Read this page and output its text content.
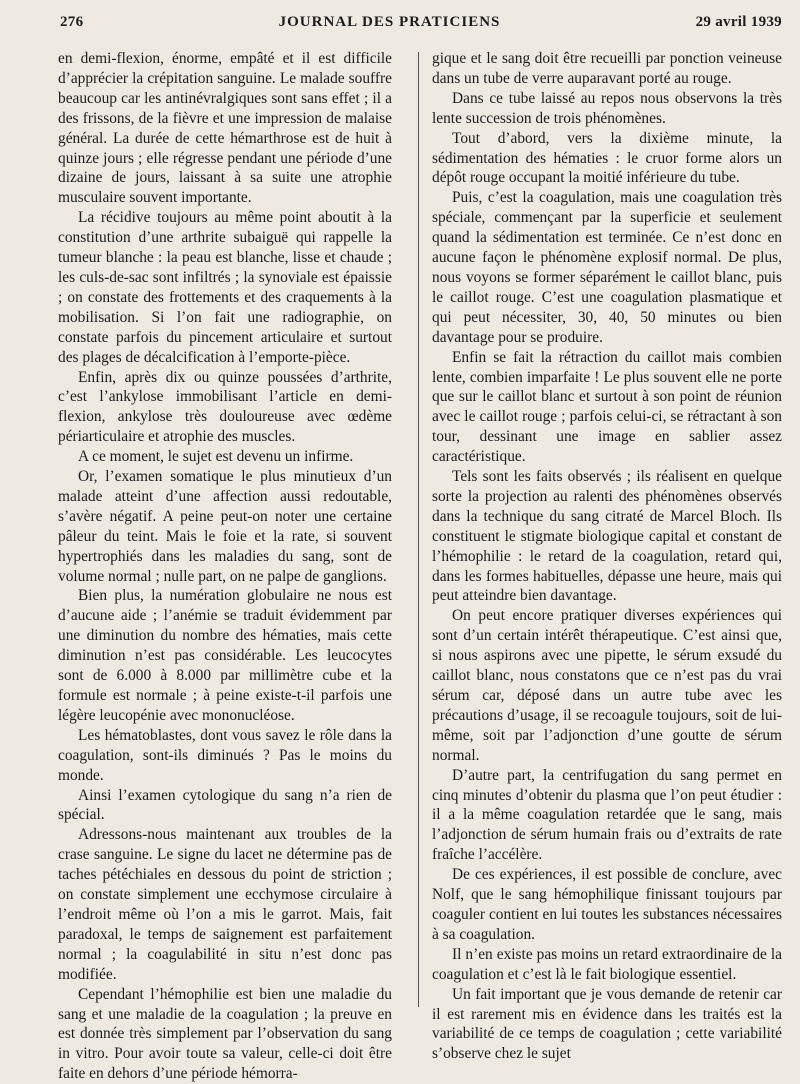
276	JOURNAL DES PRATICIENS	29 avril 1939

en demi-flexion, énorme, empâté et il est difficile d’apprécier la crépitation sanguine. Le malade souffre beaucoup car les antinévralgiques sont sans effet ; il a des frissons, de la fièvre et une impression de malaise général. La durée de cette hémarthrose est de huit à quinze jours ; elle régresse pendant une période d’une dizaine de jours, laissant à sa suite une atrophie musculaire souvent importante.

La récidive toujours au même point aboutit à la constitution d’une arthrite subaiguë qui rappelle la tumeur blanche : la peau est blanche, lisse et chaude ; les culs-de-sac sont infiltrés ; la synoviale est épaissie ; on constate des frottements et des craquements à la mobilisation. Si l’on fait une radiographie, on constate parfois du pincement articulaire et surtout des plages de décalcification à l’emporte-pièce.

Enfin, après dix ou quinze poussées d’arthrite, c’est l’ankylose immobilisant l’article en demi-flexion, ankylose très douloureuse avec œdème périarticulaire et atrophie des muscles.

A ce moment, le sujet est devenu un infirme.

Or, l’examen somatique le plus minutieux d’un malade atteint d’une affection aussi redoutable, s’avère négatif. A peine peut-on noter une certaine pâleur du teint. Mais le foie et la rate, si souvent hypertrophiés dans les maladies du sang, sont de volume normal ; nulle part, on ne palpe de ganglions.

Bien plus, la numération globulaire ne nous est d’aucune aide ; l’anémie se traduit évidemment par une diminution du nombre des hématies, mais cette diminution n’est pas considérable. Les leucocytes sont de 6.000 à 8.000 par millimètre cube et la formule est normale ; à peine existe-t-il parfois une légère leucopénie avec mononucléose.

Les hématoblastes, dont vous savez le rôle dans la coagulation, sont-ils diminués ? Pas le moins du monde.

Ainsi l’examen cytologique du sang n’a rien de spécial.

Adressons-nous maintenant aux troubles de la crase sanguine. Le signe du lacet ne détermine pas de taches pétéchiales en dessous du point de striction ; on constate simplement une ecchymose circulaire à l’endroit même où l’on a mis le garrot. Mais, fait paradoxal, le temps de saignement est parfaitement normal ; la coagulabilité in situ n’est donc pas modifiée.

Cependant l’hémophilie est bien une maladie du sang et une maladie de la coagulation ; la preuve en est donnée très simplement par l’observation du sang in vitro. Pour avoir toute sa valeur, celle-ci doit être faite en dehors d’une période hémorra-

gique et le sang doit être recueilli par ponction veineuse dans un tube de verre auparavant porté au rouge.

Dans ce tube laissé au repos nous observons la très lente succession de trois phénomènes.

Tout d’abord, vers la dixième minute, la sédimentation des hématies : le cruor forme alors un dépôt rouge occupant la moitié inférieure du tube.

Puis, c’est la coagulation, mais une coagulation très spéciale, commençant par la superficie et seulement quand la sédimentation est terminée. Ce n’est donc en aucune façon le phénomène explosif normal. De plus, nous voyons se former séparément le caillot blanc, puis le caillot rouge. C’est une coagulation plasmatique et qui peut nécessiter, 30, 40, 50 minutes ou bien davantage pour se produire.

Enfin se fait la rétraction du caillot mais combien lente, combien imparfaite ! Le plus souvent elle ne porte que sur le caillot blanc et surtout à son point de réunion avec le caillot rouge ; parfois celui-ci, se rétractant à son tour, dessinant une image en sablier assez caractéristique.

Tels sont les faits observés ; ils réalisent en quelque sorte la projection au ralenti des phénomènes observés dans la technique du sang citraté de Marcel Bloch. Ils constituent le stigmate biologique capital et constant de l’hémophilie : le retard de la coagulation, retard qui, dans les formes habituelles, dépasse une heure, mais qui peut atteindre bien davantage.

On peut encore pratiquer diverses expériences qui sont d’un certain intérêt thérapeutique. C’est ainsi que, si nous aspirons avec une pipette, le sérum exsudé du caillot blanc, nous constatons que ce n’est pas du vrai sérum car, déposé dans un autre tube avec les précautions d’usage, il se recoagule toujours, soit de lui-même, soit par l’adjonction d’une goutte de sérum normal.

D’autre part, la centrifugation du sang permet en cinq minutes d’obtenir du plasma que l’on peut étudier : il a la même coagulation retardée que le sang, mais l’adjonction de sérum humain frais ou d’extraits de rate fraîche l’accélère.

De ces expériences, il est possible de conclure, avec Nolf, que le sang hémophilique finissant toujours par coaguler contient en lui toutes les substances nécessaires à sa coagulation.

Il n’en existe pas moins un retard extraordinaire de la coagulation et c’est là le fait biologique essentiel.

Un fait important que je vous demande de retenir car il est rarement mis en évidence dans les traités est la variabilité de ce temps de coagulation ; cette variabilité s’observe chez le sujet
